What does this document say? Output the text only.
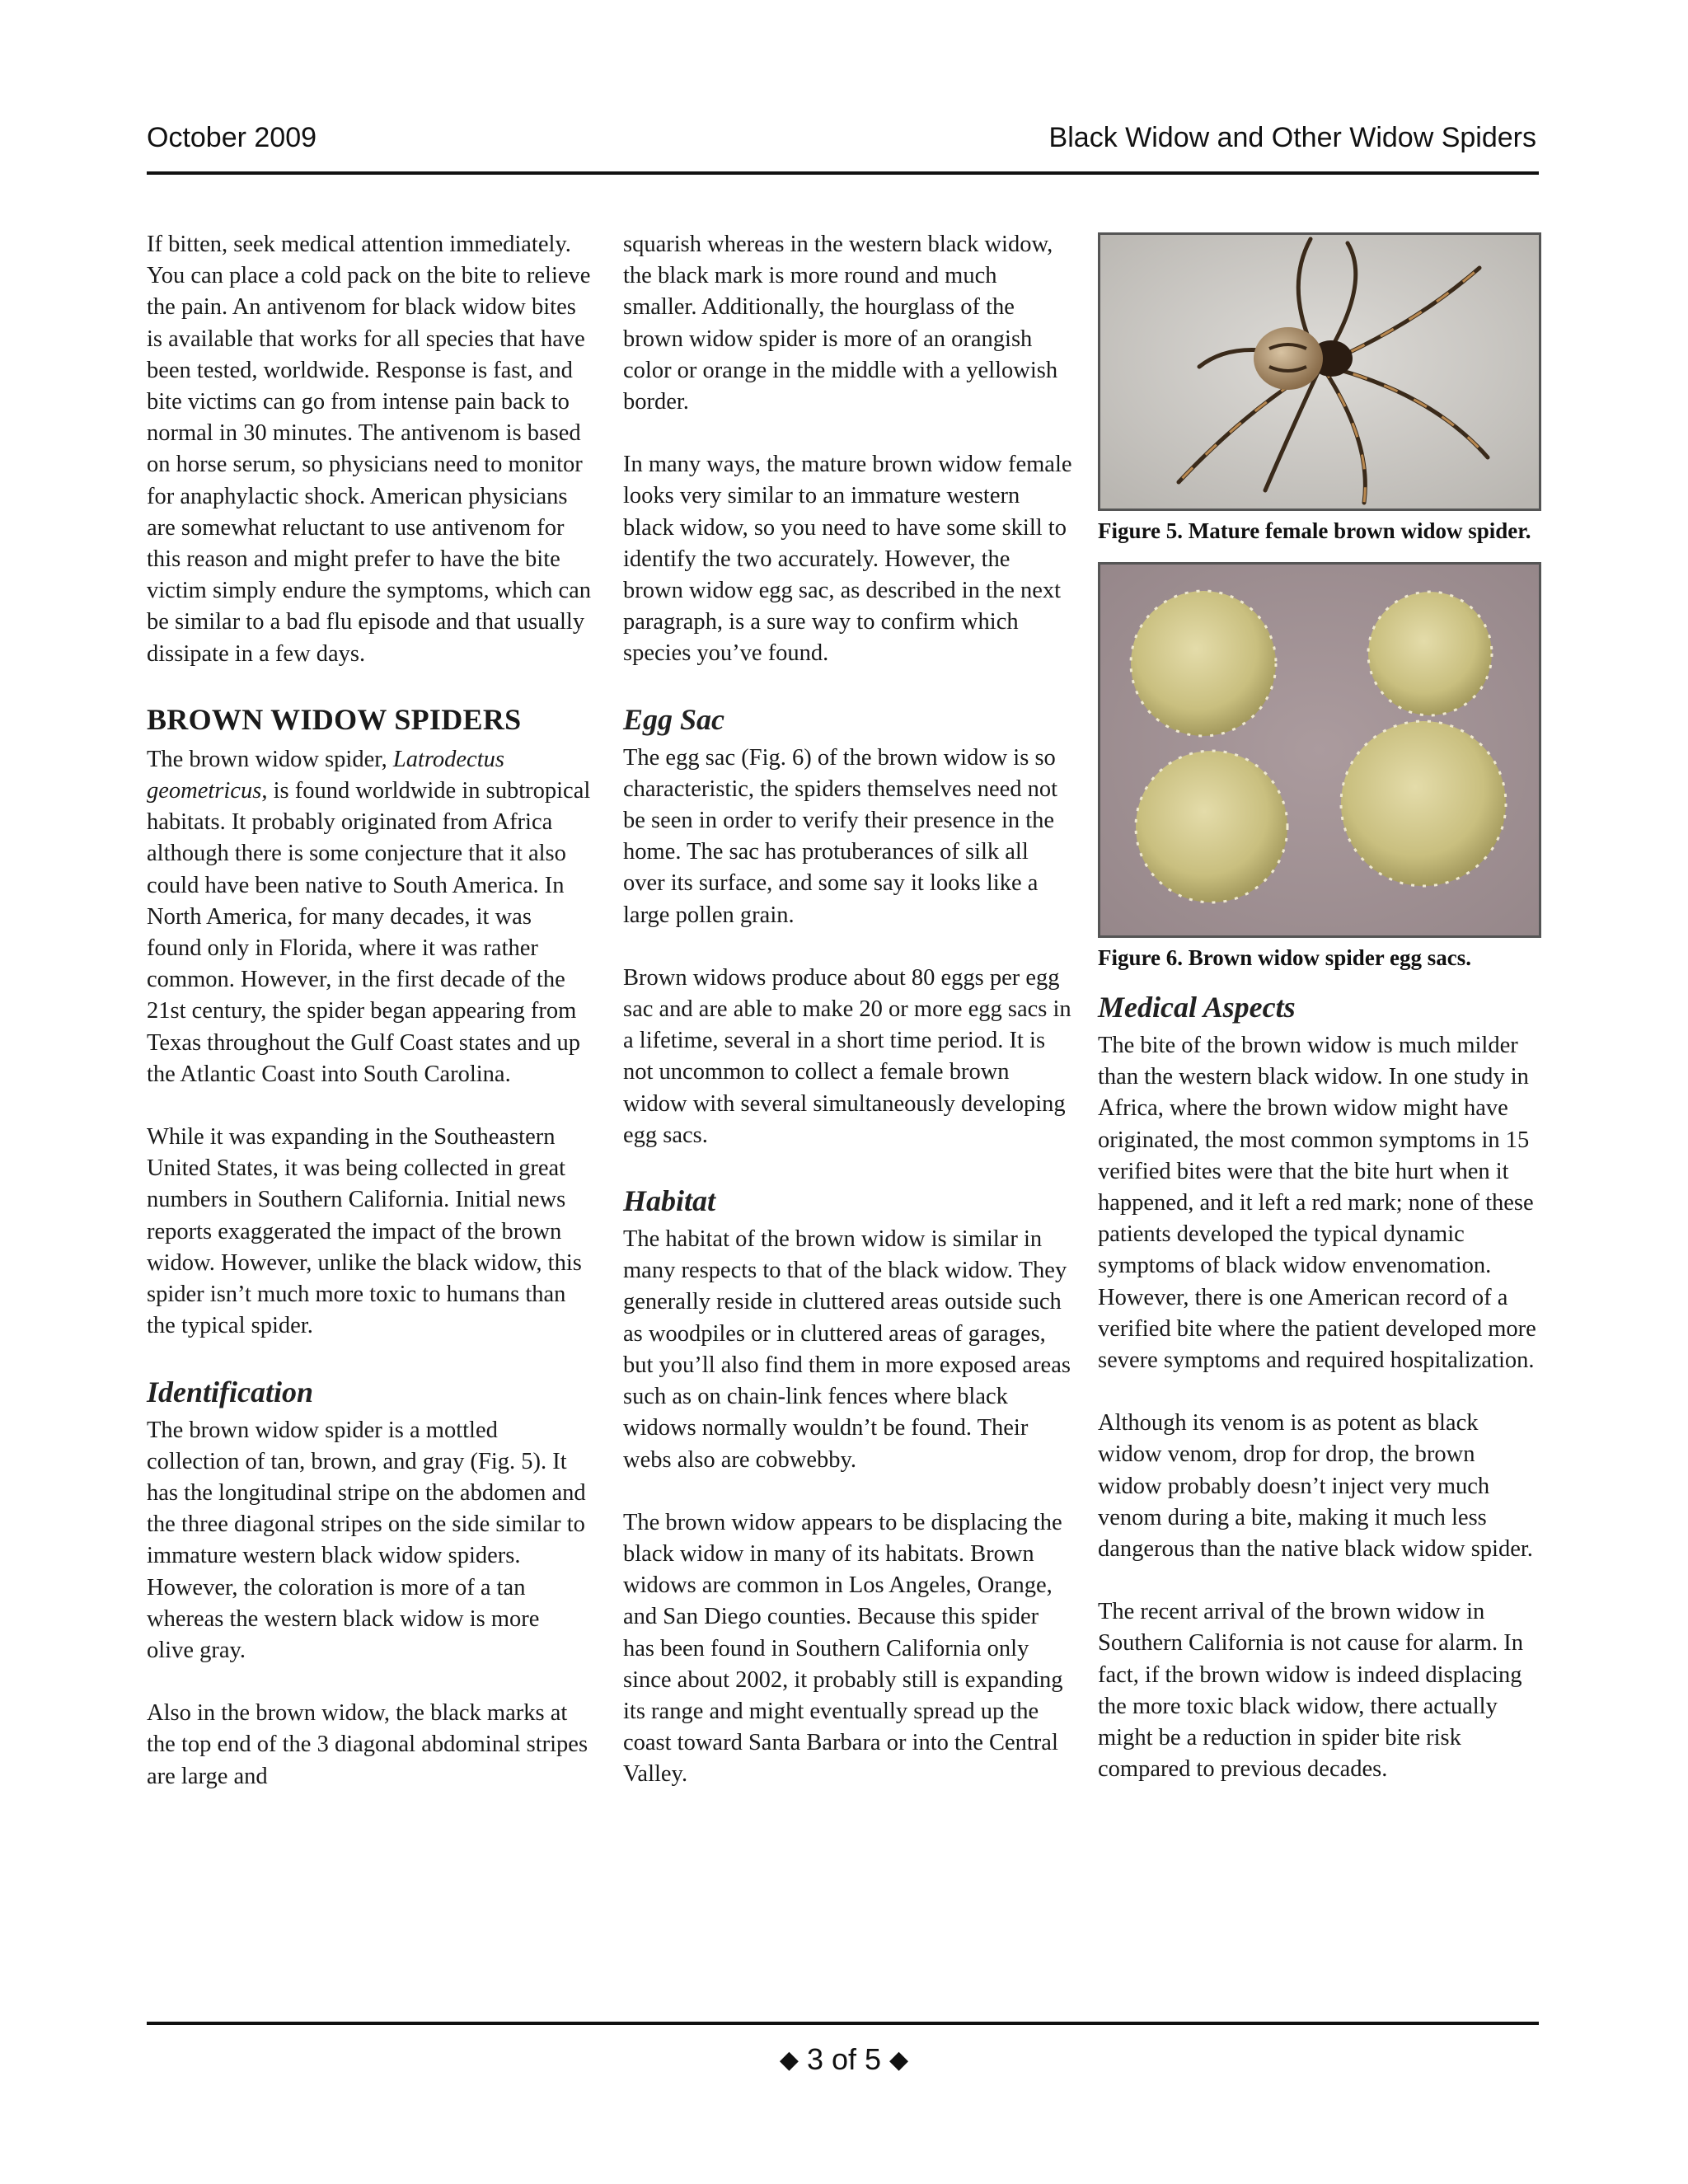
October 2009	Black Widow and Other Widow Spiders

If bitten, seek medical attention immediately. You can place a cold pack on the bite to relieve the pain. An antivenom for black widow bites is available that works for all species that have been tested, worldwide. Response is fast, and bite victims can go from intense pain back to normal in 30 minutes. The antivenom is based on horse serum, so physicians need to monitor for anaphylactic shock. American physicians are somewhat reluctant to use antivenom for this reason and might prefer to have the bite victim simply endure the symptoms, which can be similar to a bad flu episode and that usually dissipate in a few days.

BROWN WIDOW SPIDERS

The brown widow spider, Latrodectus geometricus, is found worldwide in subtropical habitats. It probably originated from Africa although there is some conjecture that it also could have been native to South America. In North America, for many decades, it was found only in Florida, where it was rather common. However, in the first decade of the 21st century, the spider began appearing from Texas throughout the Gulf Coast states and up the Atlantic Coast into South Carolina.

While it was expanding in the Southeastern United States, it was being collected in great numbers in Southern California. Initial news reports exaggerated the impact of the brown widow. However, unlike the black widow, this spider isn’t much more toxic to humans than the typical spider.

Identification

The brown widow spider is a mottled collection of tan, brown, and gray (Fig. 5). It has the longitudinal stripe on the abdomen and the three diagonal stripes on the side similar to immature western black widow spiders. However, the coloration is more of a tan whereas the western black widow is more olive gray.

Also in the brown widow, the black marks at the top end of the 3 diagonal abdominal stripes are large and

squarish whereas in the western black widow, the black mark is more round and much smaller. Additionally, the hourglass of the brown widow spider is more of an orangish color or orange in the middle with a yellowish border.

In many ways, the mature brown widow female looks very similar to an immature western black widow, so you need to have some skill to identify the two accurately. However, the brown widow egg sac, as described in the next paragraph, is a sure way to confirm which species you’ve found.

Egg Sac

The egg sac (Fig. 6) of the brown widow is so characteristic, the spiders themselves need not be seen in order to verify their presence in the home. The sac has protuberances of silk all over its surface, and some say it looks like a large pollen grain.

Brown widows produce about 80 eggs per egg sac and are able to make 20 or more egg sacs in a lifetime, several in a short time period. It is not uncommon to collect a female brown widow with several simultaneously developing egg sacs.

Habitat

The habitat of the brown widow is similar in many respects to that of the black widow. They generally reside in cluttered areas outside such as woodpiles or in cluttered areas of garages, but you’ll also find them in more exposed areas such as on chain-link fences where black widows normally wouldn’t be found. Their webs also are cobwebby.

The brown widow appears to be displacing the black widow in many of its habitats. Brown widows are common in Los Angeles, Orange, and San Diego counties. Because this spider has been found in Southern California only since about 2002, it probably still is expanding its range and might eventually spread up the coast toward Santa Barbara or into the Central Valley.

Figure 5. Mature female brown widow spider.
Figure 6. Brown widow spider egg sacs.
Medical Aspects

The bite of the brown widow is much milder than the western black widow. In one study in Africa, where the brown widow might have originated, the most common symptoms in 15 verified bites were that the bite hurt when it happened, and it left a red mark; none of these patients developed the typical dynamic symptoms of black widow envenomation. However, there is one American record of a verified bite where the patient developed more severe symptoms and required hospitalization.

Although its venom is as potent as black widow venom, drop for drop, the brown widow probably doesn’t inject very much venom during a bite, making it much less dangerous than the native black widow spider.

The recent arrival of the brown widow in Southern California is not cause for alarm. In fact, if the brown widow is indeed displacing the more toxic black widow, there actually might be a reduction in spider bite risk compared to previous decades.

◆ 3 of 5 ◆
